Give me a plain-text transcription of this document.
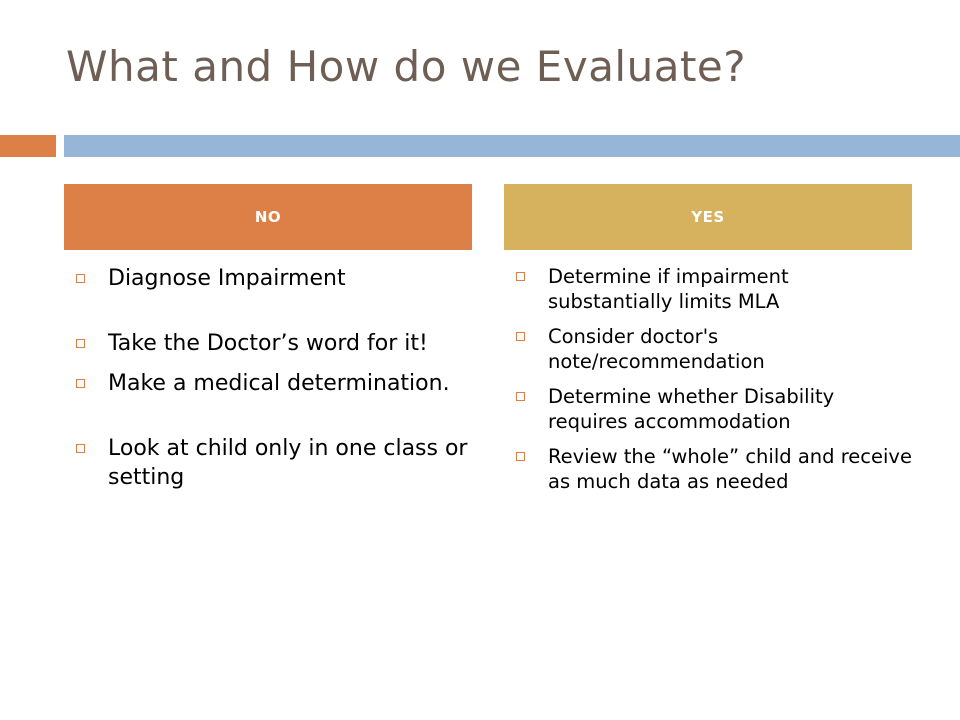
What and How do we Evaluate?
NO	YES
Diagnose Impairment
Take the Doctor’s word for it!
Make a medical determination.
Look at child only in one class or setting
Determine if impairment substantially limits MLA
Consider doctor's note/recommendation
Determine whether Disability requires accommodation
Review the “whole” child and receive as much data as needed
